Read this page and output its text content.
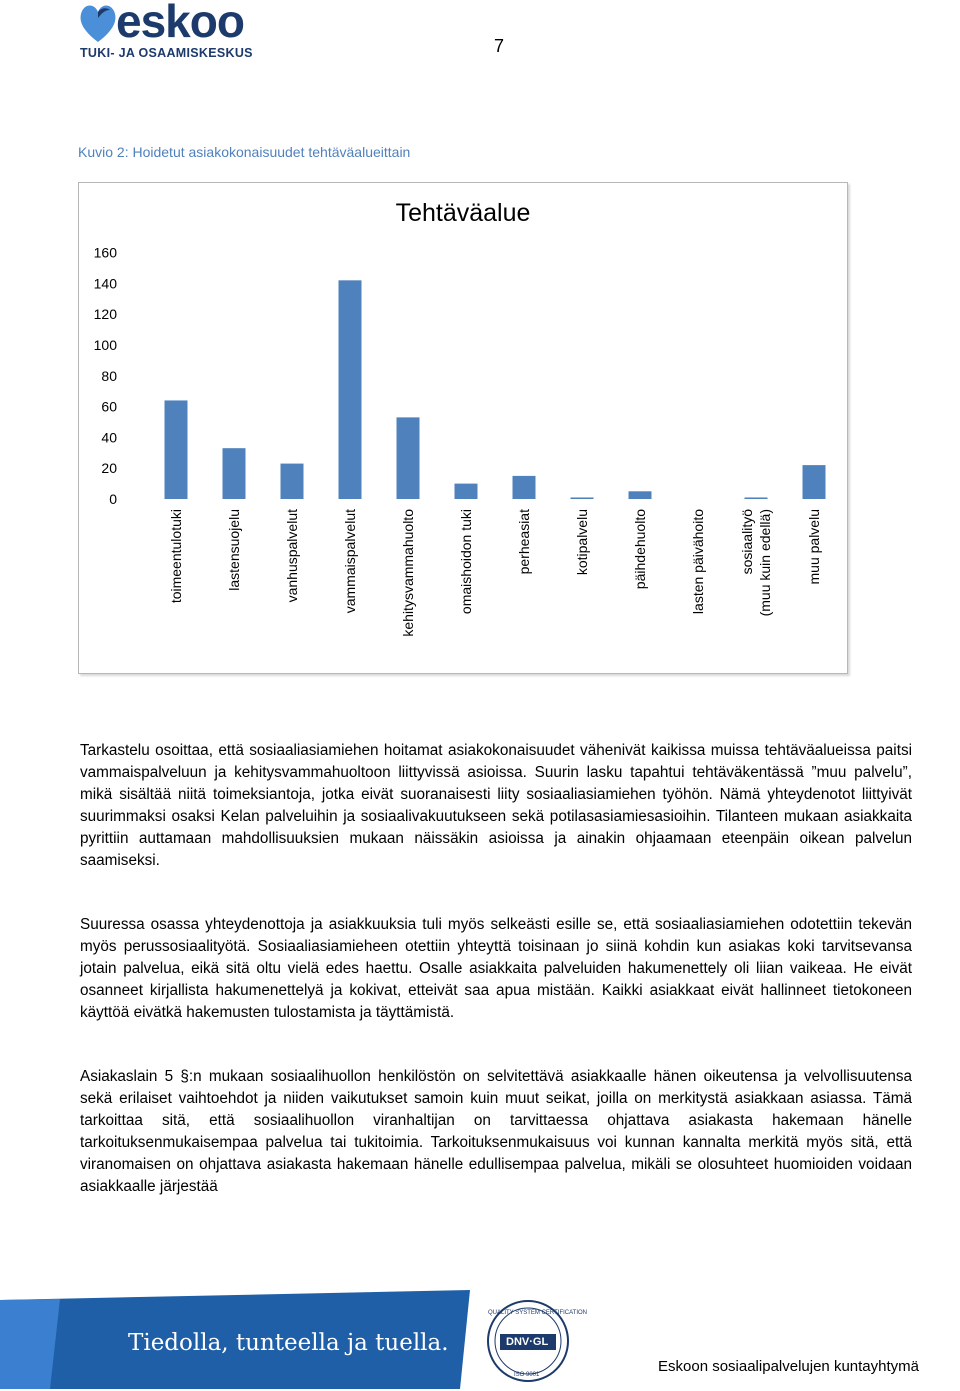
eskoo
TUKI- JA OSAAMISKESKUS	7
Kuvio 2: Hoidetut asiakokonaisuudet tehtäväalueittain
Tehtäväalue
0
20
40
60
80
100
120
140
160
toimeentulotuki	lastensuojelu	vanhuspalvelut	vammaispalvelut	kehitysvammahuolto	omaishoidon tuki	perheasiat	kotipalvelu	päihdehuolto	lasten päivähoito sosiaalityö (muu kuin edellä) muu palvelu
Tarkastelu osoittaa, että sosiaaliasiamiehen hoitamat asiakokonaisuudet vähenivät kaikissa muissa tehtäväalueissa paitsi vammaispalveluun ja kehitysvammahuoltoon liittyvissä asioissa. Suurin lasku tapahtui tehtäväkentässä ”muu palvelu”, mikä sisältää niitä toimeksiantoja, jotka eivät suoranaisesti liity sosiaaliasiamiehen työhön. Nämä yhteydenotot liittyivät suurimmaksi osaksi Kelan palveluihin ja sosiaalivakuutukseen sekä potilasasiamiesasioihin. Tilanteen mukaan asiakkaita pyrittiin auttamaan mahdollisuuksien mukaan näissäkin asioissa ja ainakin ohjaamaan eteenpäin oikean palvelun saamiseksi.
Suuressa osassa yhteydenottoja ja asiakkuuksia tuli myös selkeästi esille se, että sosiaaliasiamiehen odotettiin tekevän myös perussosiaalityötä. Sosiaaliasiamieheen otettiin yhteyttä toisinaan jo siinä kohdin kun asiakas koki tarvitsevansa jotain palvelua, eikä sitä oltu vielä edes haettu. Osalle asiakkaita palveluiden hakumenettely oli liian vaikeaa. He eivät osanneet kirjallista hakumenettelyä ja kokivat, etteivät saa apua mistään. Kaikki asiakkaat eivät hallinneet tietokoneen käyttöä eivätkä hakemusten tulostamista ja täyttämistä.
Asiakaslain 5 §:n mukaan sosiaalihuollon henkilöstön on selvitettävä asiakkaalle hänen oikeutensa ja velvollisuutensa sekä erilaiset vaihtoehdot ja niiden vaikutukset samoin kuin muut seikat, joilla on merkitystä asiakkaan asiassa. Tämä tarkoittaa sitä, että sosiaalihuollon viranhaltijan on tarvittaessa ohjattava asiakasta hakemaan hänelle tarkoituksenmukaisempaa palvelua tai tukitoimia. Tarkoituksenmukaisuus voi kunnan kannalta merkitä myös sitä, että viranomaisen on ohjattava asiakasta hakemaan hänelle edullisempaa palvelua, mikäli se olosuhteet huomioiden voidaan asiakkaalle järjestää
Tiedolla, tunteella ja tuella.
QUALITY SYSTEM CERTIFICATION
DNV·GL
ISO 9001	Eskoon sosiaalipalvelujen kuntayhtymä
